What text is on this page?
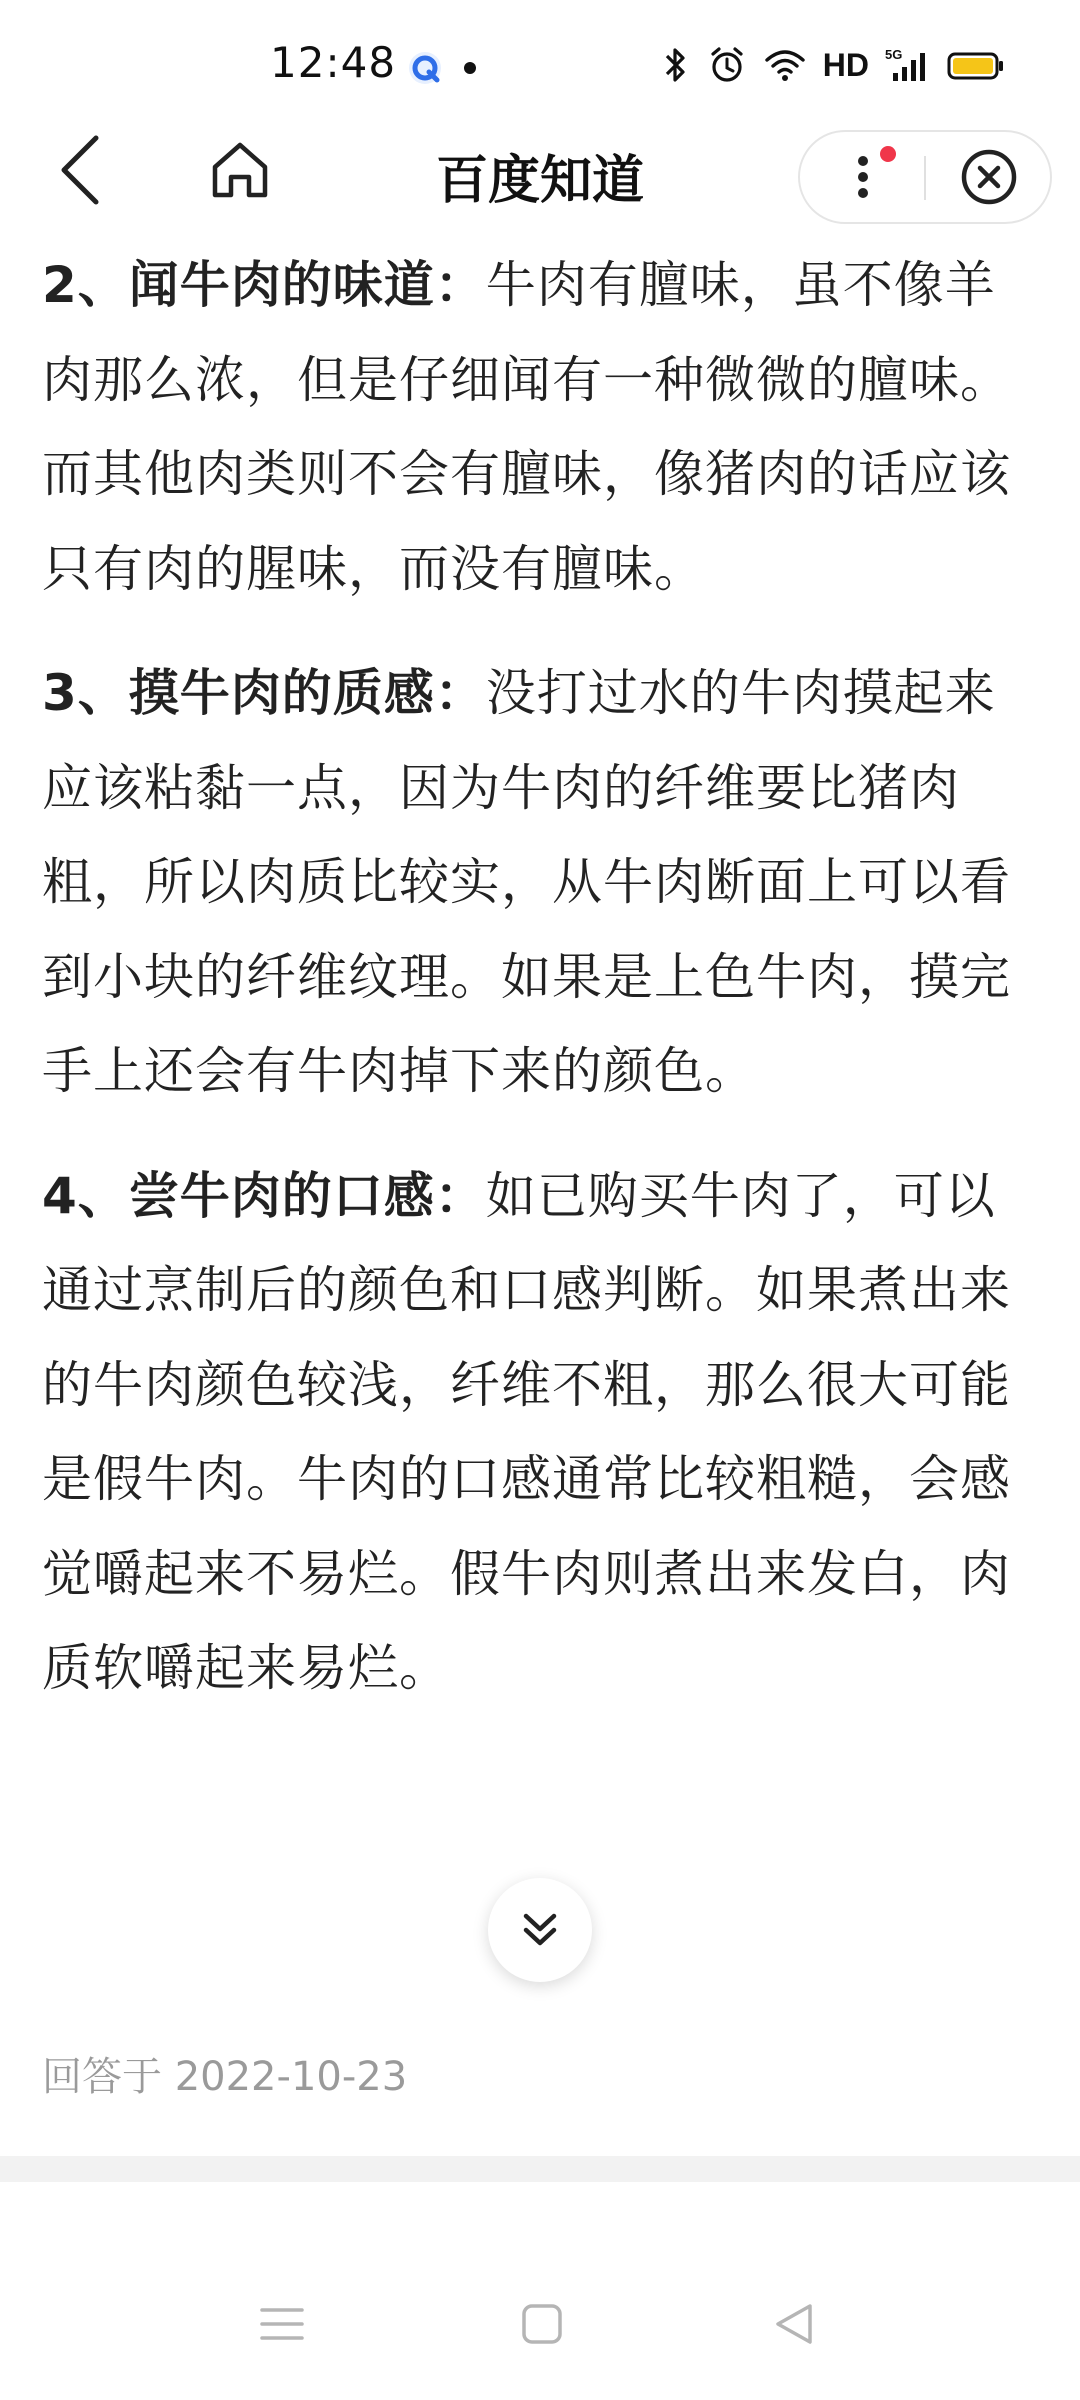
12:48	HD 5G
百度知道

2、闻牛肉的味道：牛肉有膻味，虽不像羊肉那么浓，但是仔细闻有一种微微的膻味。而其他肉类则不会有膻味，像猪肉的话应该只有肉的腥味，而没有膻味。

3、摸牛肉的质感：没打过水的牛肉摸起来应该粘黏一点，因为牛肉的纤维要比猪肉粗，所以肉质比较实，从牛肉断面上可以看到小块的纤维纹理。如果是上色牛肉，摸完手上还会有牛肉掉下来的颜色。

4、尝牛肉的口感：如已购买牛肉了，可以通过烹制后的颜色和口感判断。如果煮出来的牛肉颜色较浅，纤维不粗，那么很大可能是假牛肉。牛肉的口感通常比较粗糙，会感觉嚼起来不易烂。假牛肉则煮出来发白，肉质软嚼起来易烂。

回答于 2022-10-23
